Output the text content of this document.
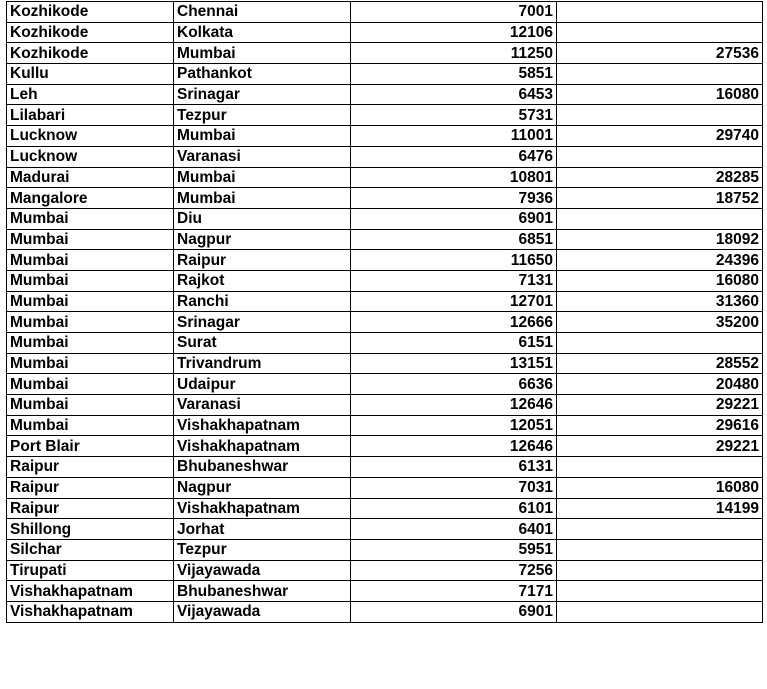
Kozhikode	Chennai	7001	
Kozhikode	Kolkata	12106	
Kozhikode	Mumbai	11250	27536
Kullu	Pathankot	5851	
Leh	Srinagar	6453	16080
Lilabari	Tezpur	5731	
Lucknow	Mumbai	11001	29740
Lucknow	Varanasi	6476	
Madurai	Mumbai	10801	28285
Mangalore	Mumbai	7936	18752
Mumbai	Diu	6901	
Mumbai	Nagpur	6851	18092
Mumbai	Raipur	11650	24396
Mumbai	Rajkot	7131	16080
Mumbai	Ranchi	12701	31360
Mumbai	Srinagar	12666	35200
Mumbai	Surat	6151	
Mumbai	Trivandrum	13151	28552
Mumbai	Udaipur	6636	20480
Mumbai	Varanasi	12646	29221
Mumbai	Vishakhapatnam	12051	29616
Port Blair	Vishakhapatnam	12646	29221
Raipur	Bhubaneshwar	6131	
Raipur	Nagpur	7031	16080
Raipur	Vishakhapatnam	6101	14199
Shillong	Jorhat	6401	
Silchar	Tezpur	5951	
Tirupati	Vijayawada	7256	
Vishakhapatnam	Bhubaneshwar	7171	
Vishakhapatnam	Vijayawada	6901	
